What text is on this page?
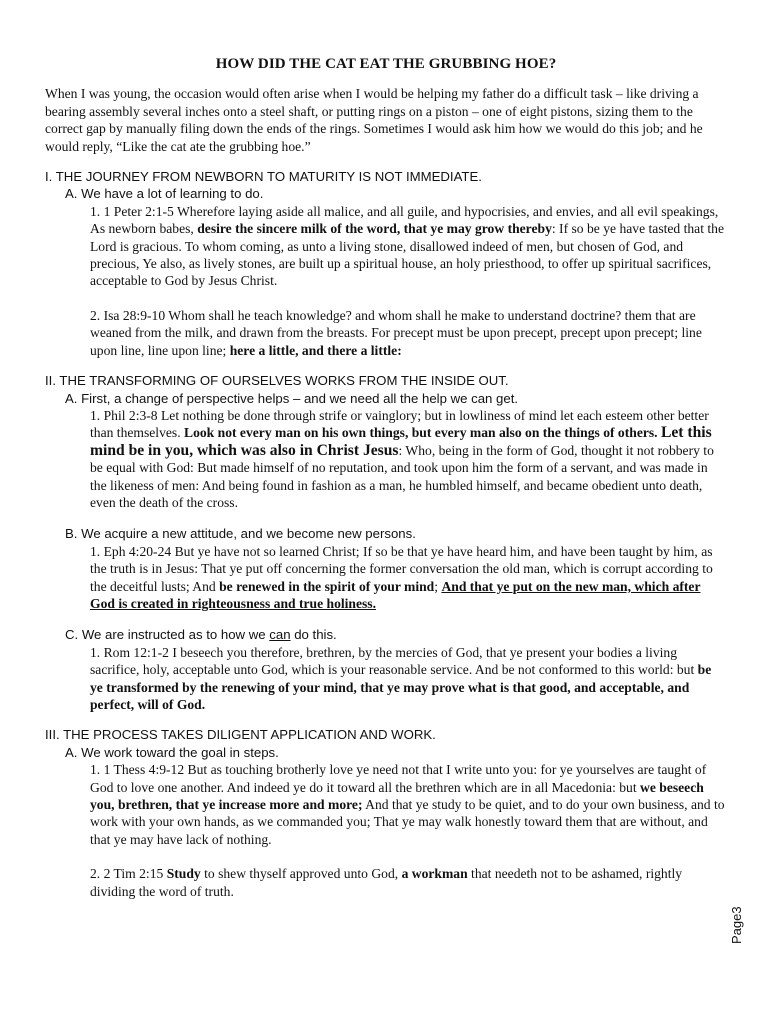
HOW DID THE CAT EAT THE GRUBBING HOE?
When I was young, the occasion would often arise when I would be helping my father do a difficult task – like driving a bearing assembly several inches onto a steel shaft, or putting rings on a piston – one of eight pistons, sizing them to the correct gap by manually filing down the ends of the rings. Sometimes I would ask him how we would do this job; and he would reply, “Like the cat ate the grubbing hoe.”
I. THE JOURNEY FROM NEWBORN TO MATURITY IS NOT IMMEDIATE.
A. We have a lot of learning to do.
1. 1 Peter 2:1-5 Wherefore laying aside all malice, and all guile, and hypocrisies, and envies, and all evil speakings, As newborn babes, desire the sincere milk of the word, that ye may grow thereby: If so be ye have tasted that the Lord is gracious. To whom coming, as unto a living stone, disallowed indeed of men, but chosen of God, and precious, Ye also, as lively stones, are built up a spiritual house, an holy priesthood, to offer up spiritual sacrifices, acceptable to God by Jesus Christ.
2. Isa 28:9-10 Whom shall he teach knowledge? and whom shall he make to understand doctrine? them that are weaned from the milk, and drawn from the breasts. For precept must be upon precept, precept upon precept; line upon line, line upon line; here a little, and there a little:
II. THE TRANSFORMING OF OURSELVES WORKS FROM THE INSIDE OUT.
A. First, a change of perspective helps – and we need all the help we can get.
1. Phil 2:3-8 Let nothing be done through strife or vainglory; but in lowliness of mind let each esteem other better than themselves. Look not every man on his own things, but every man also on the things of others. Let this mind be in you, which was also in Christ Jesus: Who, being in the form of God, thought it not robbery to be equal with God: But made himself of no reputation, and took upon him the form of a servant, and was made in the likeness of men: And being found in fashion as a man, he humbled himself, and became obedient unto death, even the death of the cross.
B. We acquire a new attitude, and we become new persons.
1. Eph 4:20-24 But ye have not so learned Christ; If so be that ye have heard him, and have been taught by him, as the truth is in Jesus: That ye put off concerning the former conversation the old man, which is corrupt according to the deceitful lusts; And be renewed in the spirit of your mind; And that ye put on the new man, which after God is created in righteousness and true holiness.
C. We are instructed as to how we can do this.
1. Rom 12:1-2 I beseech you therefore, brethren, by the mercies of God, that ye present your bodies a living sacrifice, holy, acceptable unto God, which is your reasonable service. And be not conformed to this world: but be ye transformed by the renewing of your mind, that ye may prove what is that good, and acceptable, and perfect, will of God.
III. THE PROCESS TAKES DILIGENT APPLICATION AND WORK.
A. We work toward the goal in steps.
1. 1 Thess 4:9-12 But as touching brotherly love ye need not that I write unto you: for ye yourselves are taught of God to love one another. And indeed ye do it toward all the brethren which are in all Macedonia: but we beseech you, brethren, that ye increase more and more; And that ye study to be quiet, and to do your own business, and to work with your own hands, as we commanded you; That ye may walk honestly toward them that are without, and that ye may have lack of nothing.
2. 2 Tim 2:15 Study to shew thyself approved unto God, a workman that needeth not to be ashamed, rightly dividing the word of truth.
Page3
